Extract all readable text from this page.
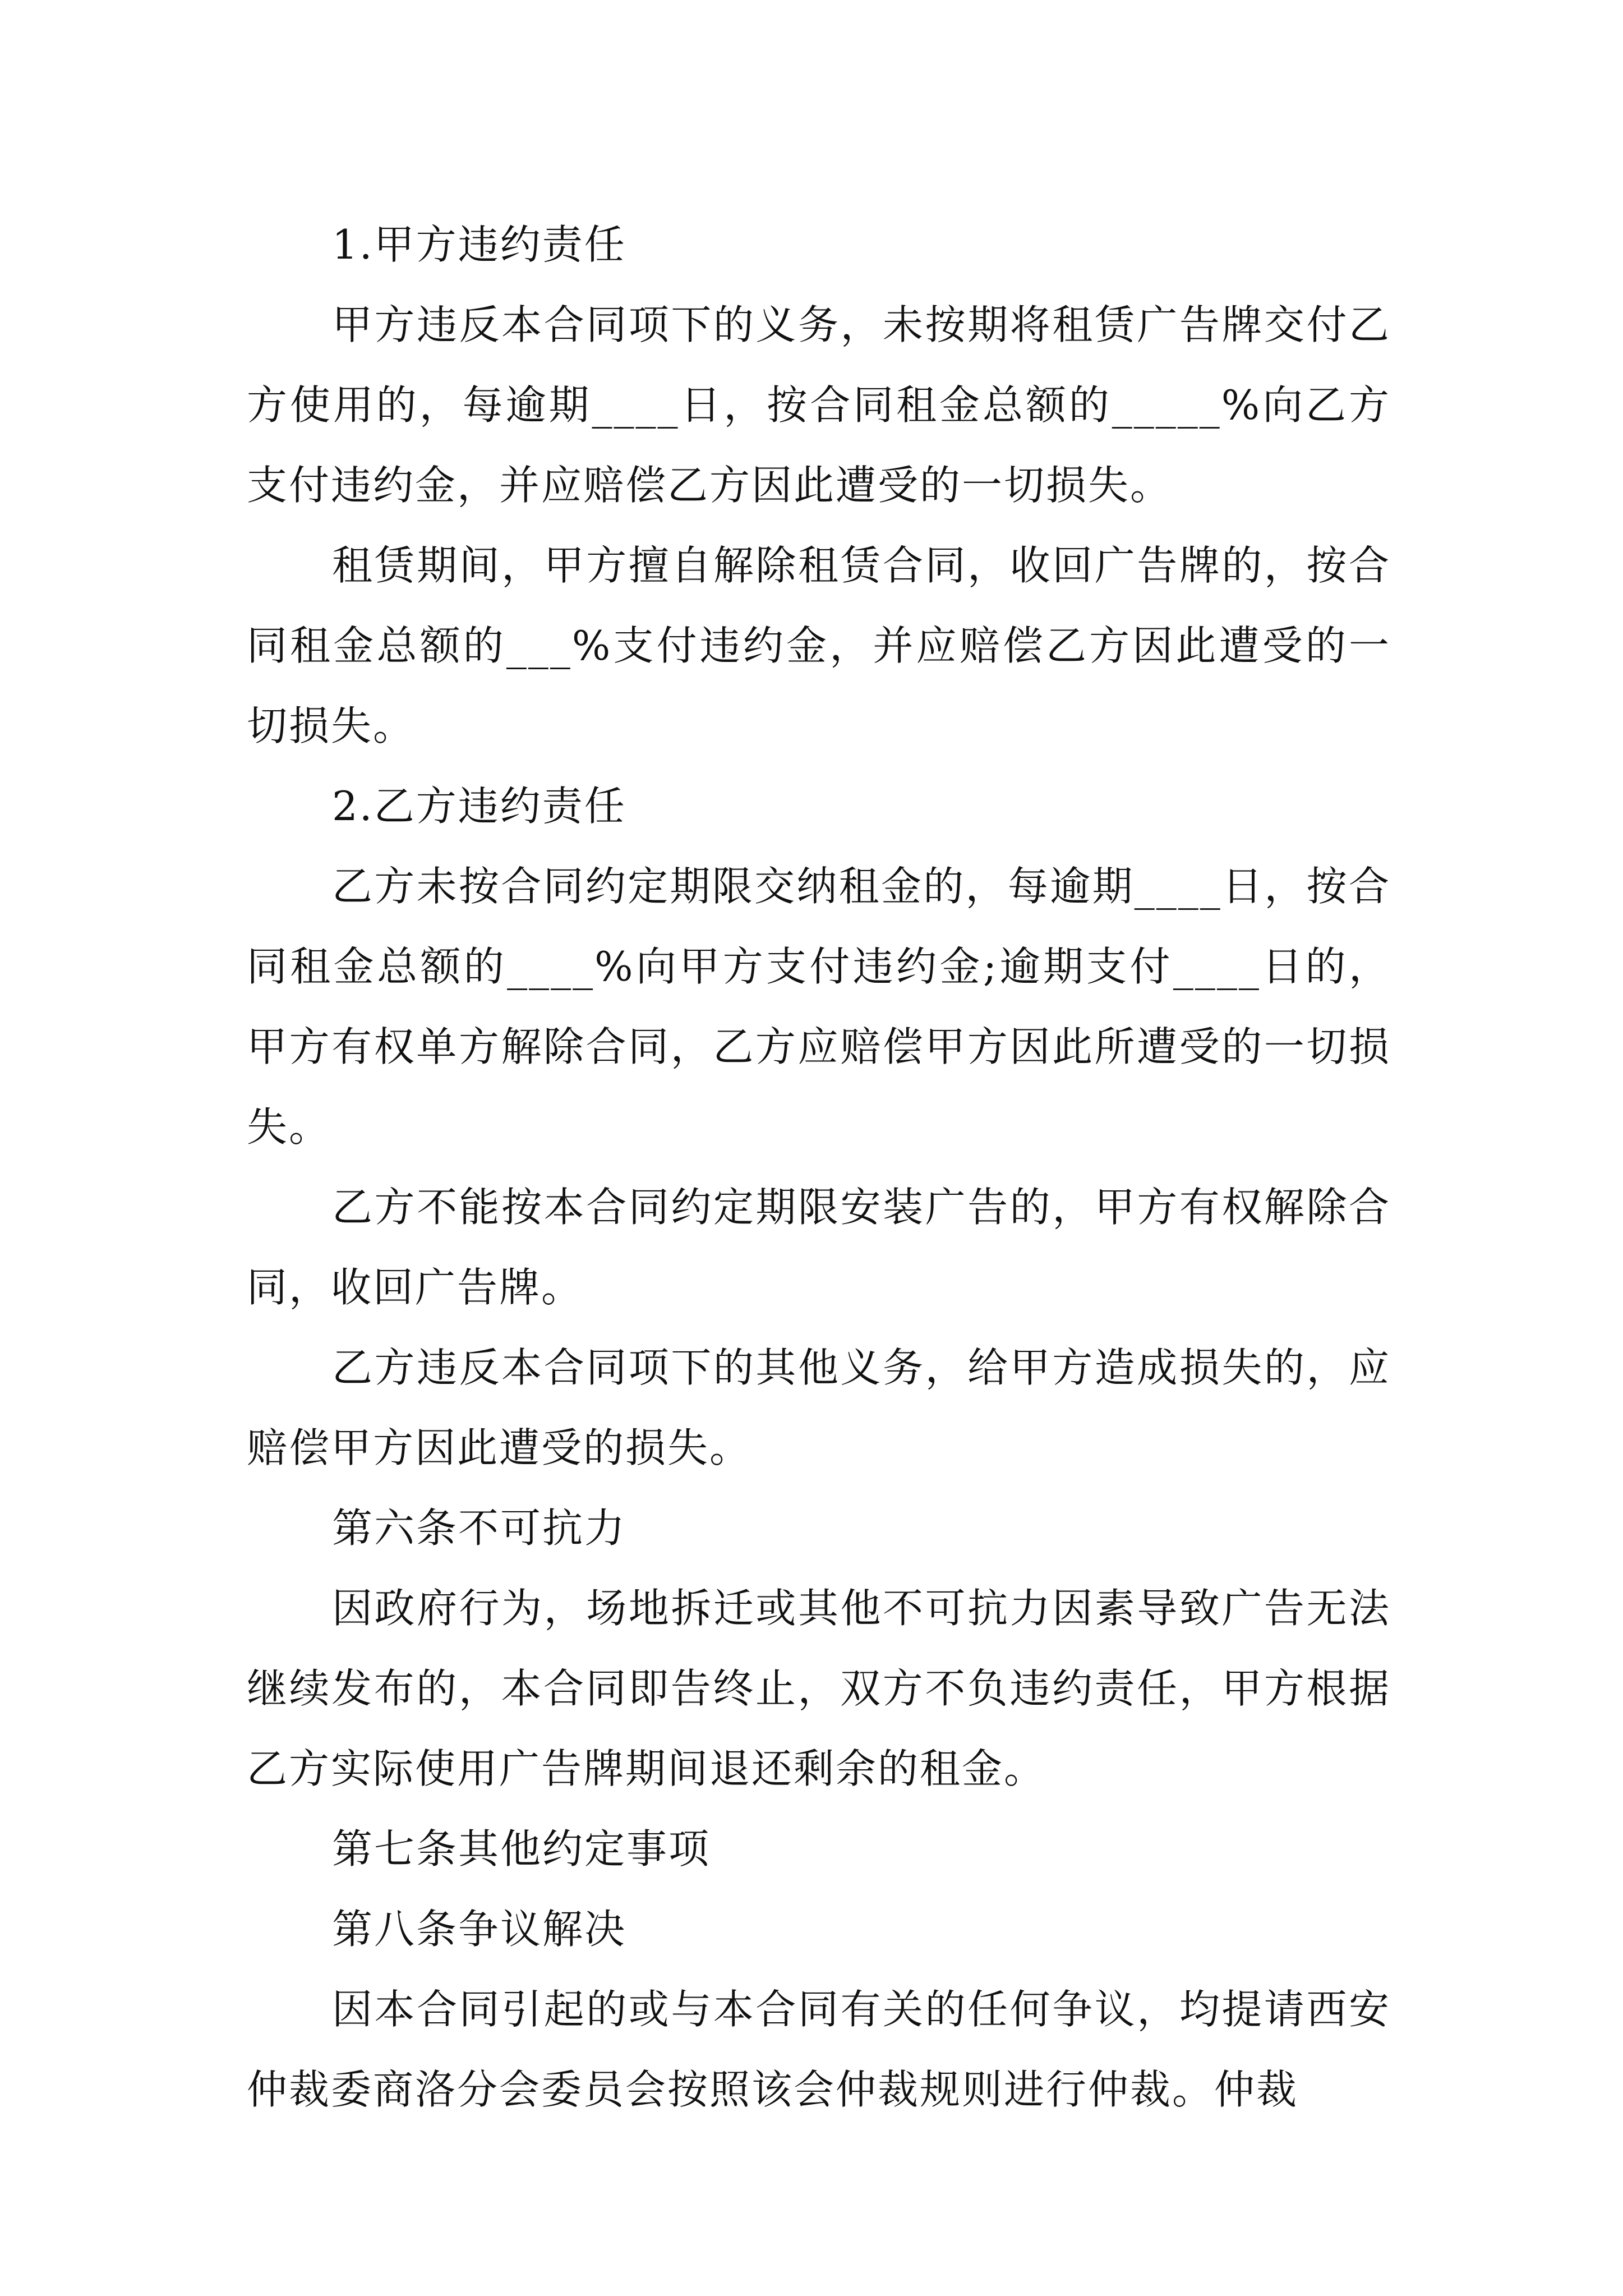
1.甲方违约责任

甲方违反本合同项下的义务，未按期将租赁广告牌交付乙方使用的，每逾期____日，按合同租金总额的_____%向乙方支付违约金，并应赔偿乙方因此遭受的一切损失。

租赁期间，甲方擅自解除租赁合同，收回广告牌的，按合同租金总额的___%支付违约金，并应赔偿乙方因此遭受的一切损失。

2.乙方违约责任

乙方未按合同约定期限交纳租金的，每逾期____日，按合同租金总额的____%向甲方支付违约金;逾期支付____日的，甲方有权单方解除合同，乙方应赔偿甲方因此所遭受的一切损失。

乙方不能按本合同约定期限安装广告的，甲方有权解除合同，收回广告牌。

乙方违反本合同项下的其他义务，给甲方造成损失的，应赔偿甲方因此遭受的损失。

第六条不可抗力

因政府行为，场地拆迁或其他不可抗力因素导致广告无法继续发布的，本合同即告终止，双方不负违约责任，甲方根据乙方实际使用广告牌期间退还剩余的租金。

第七条其他约定事项

第八条争议解决

因本合同引起的或与本合同有关的任何争议，均提请西安仲裁委商洛分会委员会按照该会仲裁规则进行仲裁。仲裁
